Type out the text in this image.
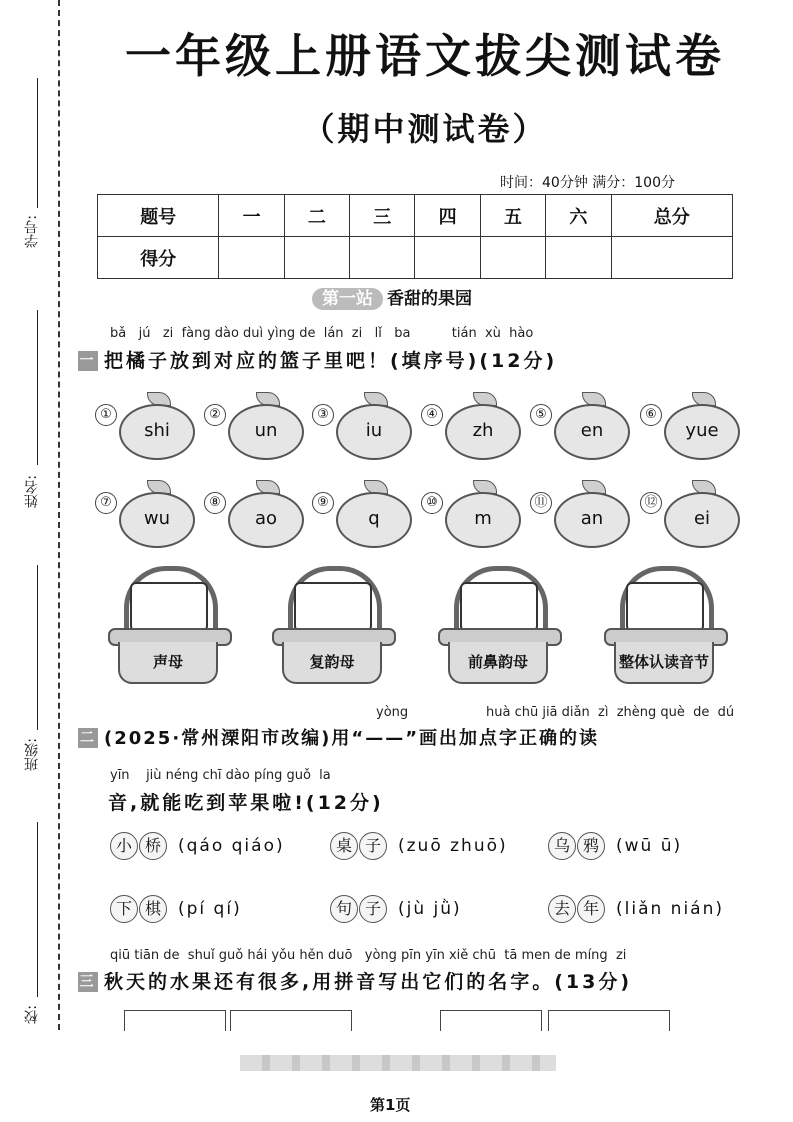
学号:
姓名:
班级:
校:
一年级上册语文拔尖测试卷
（期中测试卷）
时间：40分钟 满分：100分
题号	一	二	三	四	五	六	总分
得分							
第一站 香甜的果园
bǎ   jú   zi  fàng dào duì yìng de  lán  zi   lǐ   ba          tián  xù  hào
一 把橘子放到对应的篮子里吧！(填序号)(12分)
①
shi
②
un
③
iu
④
zh
⑤
en
⑥
yue
⑦
wu
⑧
ao
⑨
q
⑩
m
⑪
an
⑫
ei
声母	复韵母	前鼻韵母	整体认读音节
yòng	huà chū jiā diǎn  zì  zhèng què  de  dú
二 (2025·常州溧阳市改编)用“——”画出加点字正确的读
yīn    jiù néng chī dào píng guǒ  la
音,就能吃到苹果啦!(12分)
小 桥 (qáo qiáo)	桌 子 (zuō zhuō)	乌 鸦 (wū ū)
下 棋 (pí qí)	句 子 (jù jǜ)	去 年 (liǎn nián)
qiū tiān de  shuǐ guǒ hái yǒu hěn duō   yòng pīn yīn xiě chū  tā men de míng  zi
三 秋天的水果还有很多,用拼音写出它们的名字。(13分)
第1页
